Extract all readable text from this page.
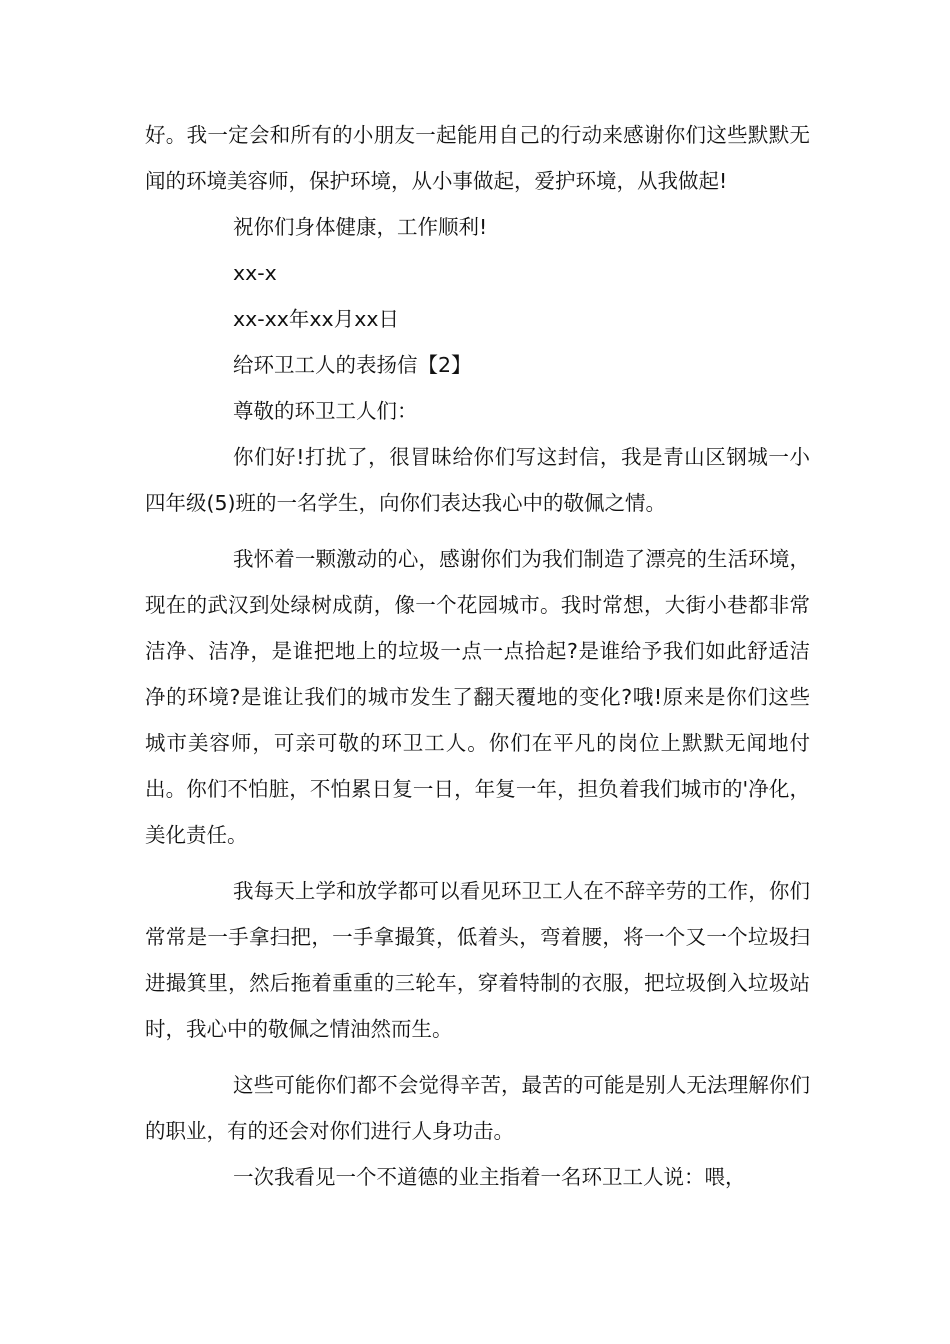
好。我一定会和所有的小朋友一起能用自己的行动来感谢你们这些默默无闻的环境美容师，保护环境，从小事做起，爱护环境，从我做起!

祝你们身体健康，工作顺利!

xx-x

xx-xx年xx月xx日

给环卫工人的表扬信【2】

尊敬的环卫工人们：

你们好!打扰了，很冒昧给你们写这封信，我是青山区钢城一小四年级(5)班的一名学生，向你们表达我心中的敬佩之情。

我怀着一颗激动的心，感谢你们为我们制造了漂亮的生活环境，现在的武汉到处绿树成荫，像一个花园城市。我时常想，大街小巷都非常洁净、洁净，是谁把地上的垃圾一点一点拾起?是谁给予我们如此舒适洁净的环境?是谁让我们的城市发生了翻天覆地的变化?哦!原来是你们这些城市美容师，可亲可敬的环卫工人。你们在平凡的岗位上默默无闻地付出。你们不怕脏，不怕累日复一日，年复一年，担负着我们城市的'净化，美化责任。

我每天上学和放学都可以看见环卫工人在不辞辛劳的工作，你们常常是一手拿扫把，一手拿撮箕，低着头，弯着腰，将一个又一个垃圾扫进撮箕里，然后拖着重重的三轮车，穿着特制的衣服，把垃圾倒入垃圾站时，我心中的敬佩之情油然而生。

这些可能你们都不会觉得辛苦，最苦的可能是别人无法理解你们的职业，有的还会对你们进行人身功击。

一次我看见一个不道德的业主指着一名环卫工人说：喂，
